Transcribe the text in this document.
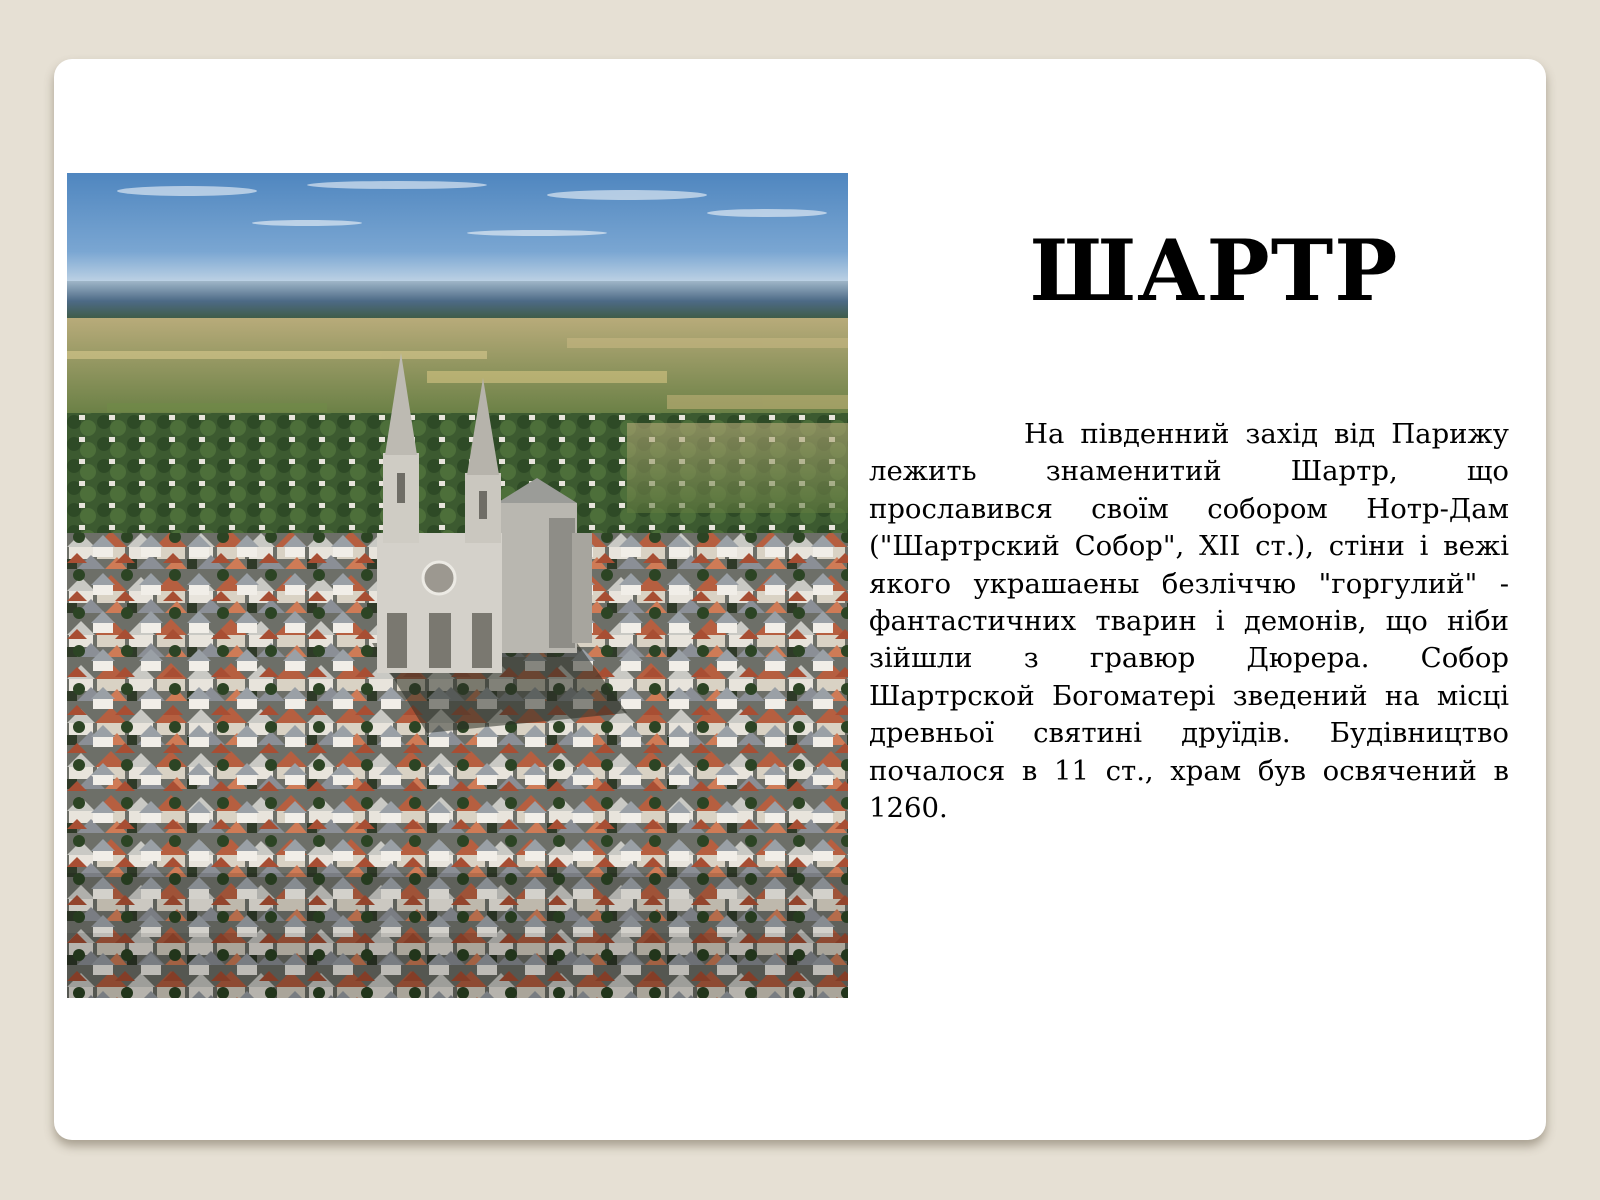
ШАРТР

На південний захід від Парижу лежить знаменитий Шартр, що прославився своїм собором Нотр-Дам ("Шартрский Собор", XII ст.), стіни і вежі якого украшаены безліччю "горгулий" - фантастичних тварин і демонів, що ніби зійшли з гравюр Дюрера. Собор Шартрской Богоматері зведений на місці древньої святині друїдів. Будівництво почалося в 11 ст., храм був освячений в 1260.
